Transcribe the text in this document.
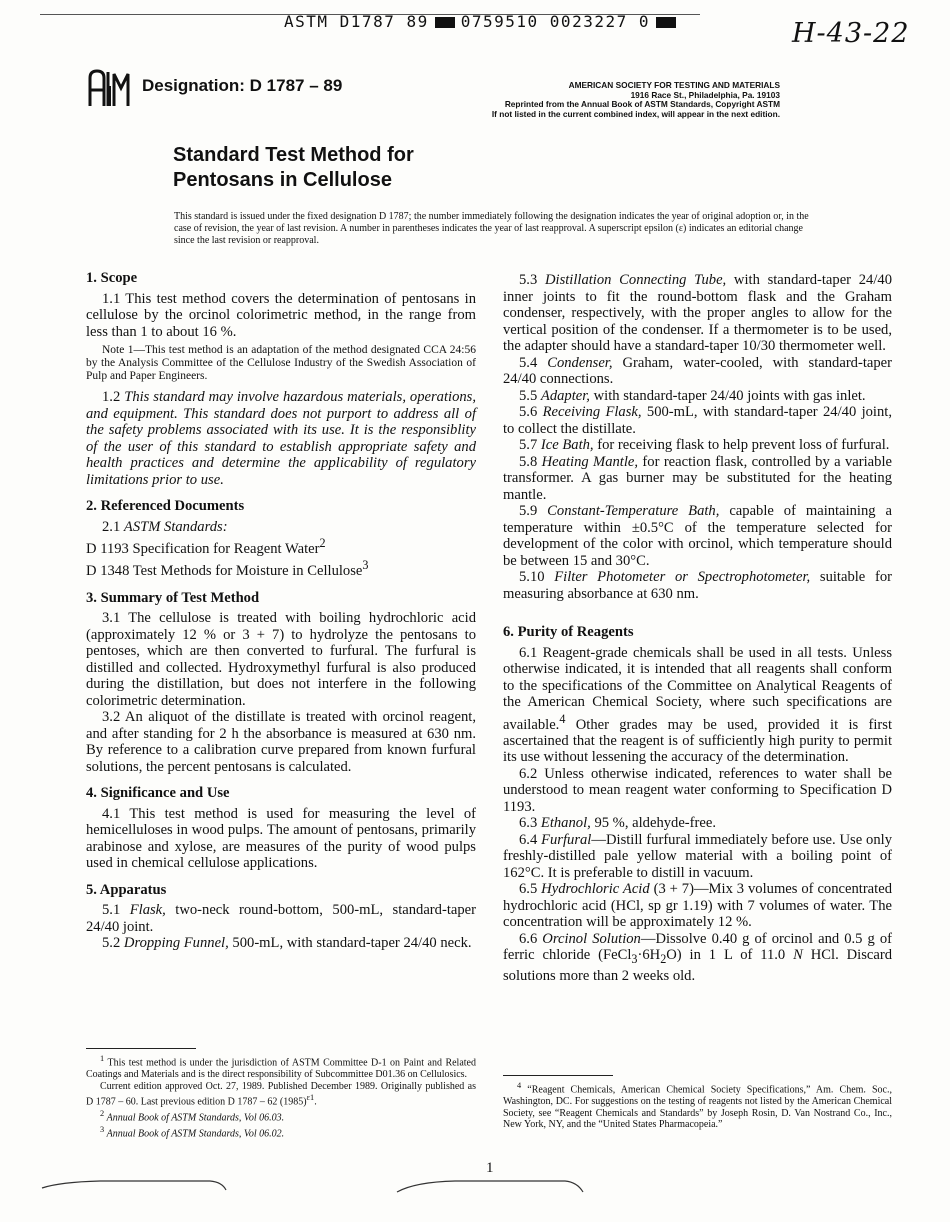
ASTM D1787 89 0759510 0023227 0	H-43-22
Designation: D 1787 – 89	AMERICAN SOCIETY FOR TESTING AND MATERIALS
1916 Race St., Philadelphia, Pa. 19103
Reprinted from the Annual Book of ASTM Standards, Copyright ASTM
If not listed in the current combined index, will appear in the next edition.
Standard Test Method for
Pentosans in Cellulose
This standard is issued under the fixed designation D 1787; the number immediately following the designation indicates the year of original adoption or, in the case of revision, the year of last revision. A number in parentheses indicates the year of last reapproval. A superscript epsilon (ε) indicates an editorial change since the last revision or reapproval.
1. Scope

1.1 This test method covers the determination of pentosans in cellulose by the orcinol colorimetric method, in the range from less than 1 to about 16 %.

Note 1—This test method is an adaptation of the method designated CCA 24:56 by the Analysis Committee of the Cellulose Industry of the Swedish Association of Pulp and Paper Engineers.

1.2 This standard may involve hazardous materials, operations, and equipment. This standard does not purport to address all of the safety problems associated with its use. It is the responsiblity of the user of this standard to establish appropriate safety and health practices and determine the applicability of regulatory limitations prior to use.

2. Referenced Documents

2.1 ASTM Standards:

D 1193 Specification for Reagent Water$^2$

D 1348 Test Methods for Moisture in Cellulose$^3$

3. Summary of Test Method

3.1 The cellulose is treated with boiling hydrochloric acid (approximately 12 % or 3 + 7) to hydrolyze the pentosans to pentoses, which are then converted to furfural. The furfural is distilled and collected. Hydroxymethyl furfural is also produced during the distillation, but does not interfere in the following colorimetric determination.

3.2 An aliquot of the distillate is treated with orcinol reagent, and after standing for 2 h the absorbance is measured at 630 nm. By reference to a calibration curve prepared from known furfural solutions, the percent pentosans is calculated.

4. Significance and Use

4.1 This test method is used for measuring the level of hemicelluloses in wood pulps. The amount of pentosans, primarily arabinose and xylose, are measures of the purity of wood pulps used in chemical cellulose applications.

5. Apparatus

5.1 Flask, two-neck round-bottom, 500-mL, standard-taper 24/40 joint.

5.2 Dropping Funnel, 500-mL, with standard-taper 24/40 neck.

5.3 Distillation Connecting Tube, with standard-taper 24/40 inner joints to fit the round-bottom flask and the Graham condenser, respectively, with the proper angles to allow for the vertical position of the condenser. If a thermometer is to be used, the adapter should have a standard-taper 10/30 thermometer well.

5.4 Condenser, Graham, water-cooled, with standard-taper 24/40 connections.

5.5 Adapter, with standard-taper 24/40 joints with gas inlet.

5.6 Receiving Flask, 500-mL, with standard-taper 24/40 joint, to collect the distillate.

5.7 Ice Bath, for receiving flask to help prevent loss of furfural.

5.8 Heating Mantle, for reaction flask, controlled by a variable transformer. A gas burner may be substituted for the heating mantle.

5.9 Constant-Temperature Bath, capable of maintaining a temperature within ±0.5°C of the temperature selected for development of the color with orcinol, which temperature should be between 15 and 30°C.

5.10 Filter Photometer or Spectrophotometer, suitable for measuring absorbance at 630 nm.

6. Purity of Reagents

6.1 Reagent-grade chemicals shall be used in all tests. Unless otherwise indicated, it is intended that all reagents shall conform to the specifications of the Committee on Analytical Reagents of the American Chemical Society, where such specifications are available.$^4$ Other grades may be used, provided it is first ascertained that the reagent is of sufficiently high purity to permit its use without lessening the accuracy of the determination.

6.2 Unless otherwise indicated, references to water shall be understood to mean reagent water conforming to Specification D 1193.

6.3 Ethanol, 95 %, aldehyde-free.

6.4 Furfural—Distill furfural immediately before use. Use only freshly-distilled pale yellow material with a boiling point of 162°C. It is preferable to distill in vacuum.

6.5 Hydrochloric Acid (3 + 7)—Mix 3 volumes of concentrated hydrochloric acid (HCl, sp gr 1.19) with 7 volumes of water. The concentration will be approximately 12 %.

6.6 Orcinol Solution—Dissolve 0.40 g of orcinol and 0.5 g of ferric chloride $(FeCl_3\cdot 6H_2O)$ in 1 L of 11.0 N HCl. Discard solutions more than 2 weeks old.

$^1$ This test method is under the jurisdiction of ASTM Committee D-1 on Paint and Related Coatings and Materials and is the direct responsibility of Subcommittee D01.36 on Cellulosics.

Current edition approved Oct. 27, 1989. Published December 1989. Originally published as D 1787 – 60. Last previous edition D 1787 – 62 $(1985)^{\varepsilon 1}$.

$^2$ Annual Book of ASTM Standards, Vol 06.03.

$^3$ Annual Book of ASTM Standards, Vol 06.02.

$^4$ “Reagent Chemicals, American Chemical Society Specifications,” Am. Chem. Soc., Washington, DC. For suggestions on the testing of reagents not listed by the American Chemical Society, see “Reagent Chemicals and Standards” by Joseph Rosin, D. Van Nostrand Co., Inc., New York, NY, and the “United States Pharmacopeia.”

1
